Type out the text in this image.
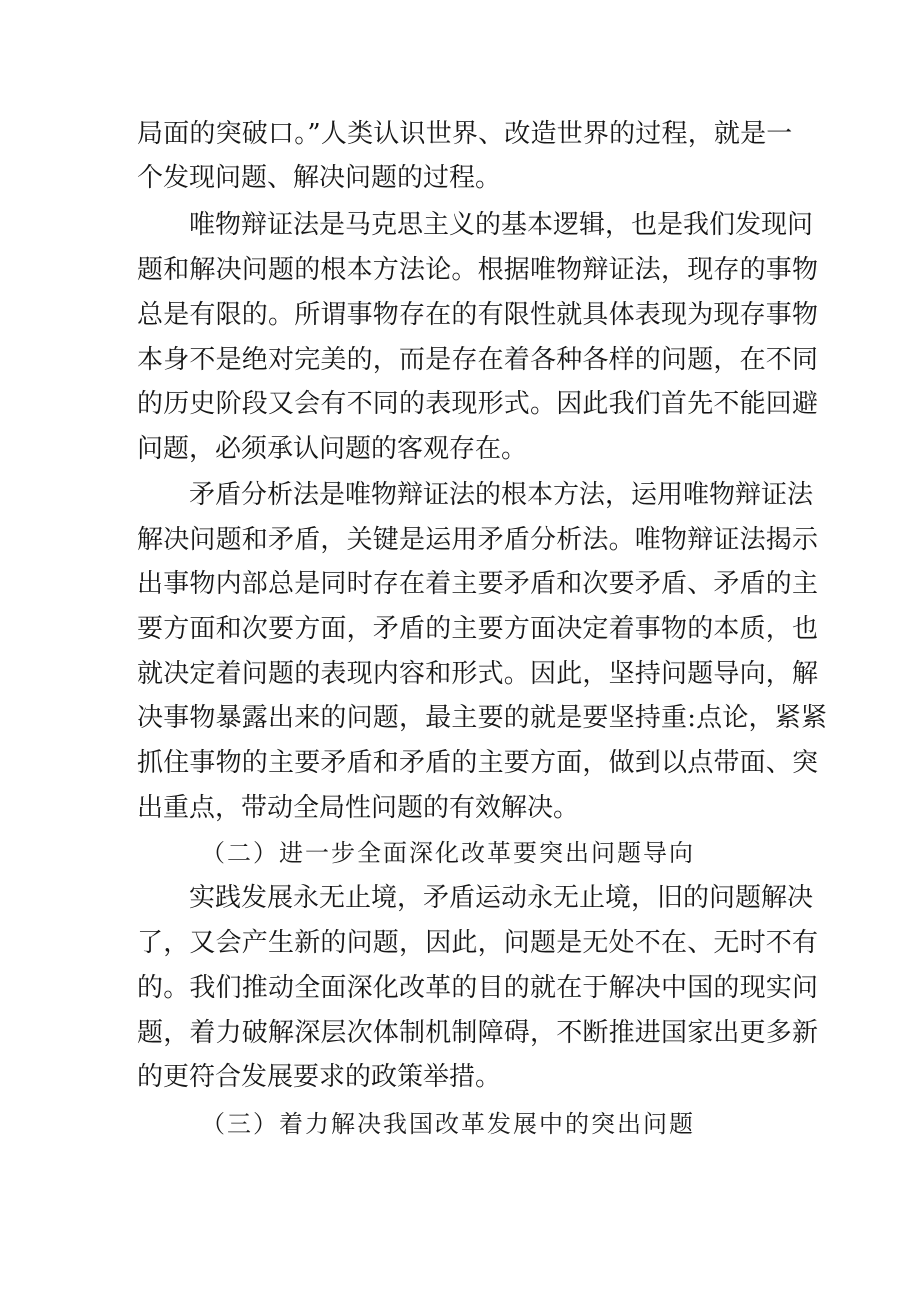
局面的突破口。”人类认识世界、改造世界的过程，就是一
个发现问题、解决问题的过程。
唯物辩证法是马克思主义的基本逻辑，也是我们发现问
题和解决问题的根本方法论。根据唯物辩证法，现存的事物
总是有限的。所谓事物存在的有限性就具体表现为现存事物
本身不是绝对完美的，而是存在着各种各样的问题，在不同
的历史阶段又会有不同的表现形式。因此我们首先不能回避
问题，必须承认问题的客观存在。
矛盾分析法是唯物辩证法的根本方法，运用唯物辩证法
解决问题和矛盾，关键是运用矛盾分析法。唯物辩证法揭示
出事物内部总是同时存在着主要矛盾和次要矛盾、矛盾的主
要方面和次要方面，矛盾的主要方面决定着事物的本质，也
就决定着问题的表现内容和形式。因此，坚持问题导向，解
决事物暴露出来的问题，最主要的就是要坚持重:点论，紧紧
抓住事物的主要矛盾和矛盾的主要方面，做到以点带面、突
出重点，带动全局性问题的有效解决。
（二）进一步全面深化改革要突出问题导向
实践发展永无止境，矛盾运动永无止境，旧的问题解决
了，又会产生新的问题，因此，问题是无处不在、无时不有
的。我们推动全面深化改革的目的就在于解决中国的现实问
题，着力破解深层次体制机制障碍，不断推进国家出更多新
的更符合发展要求的政策举措。
（三）着力解决我国改革发展中的突出问题
